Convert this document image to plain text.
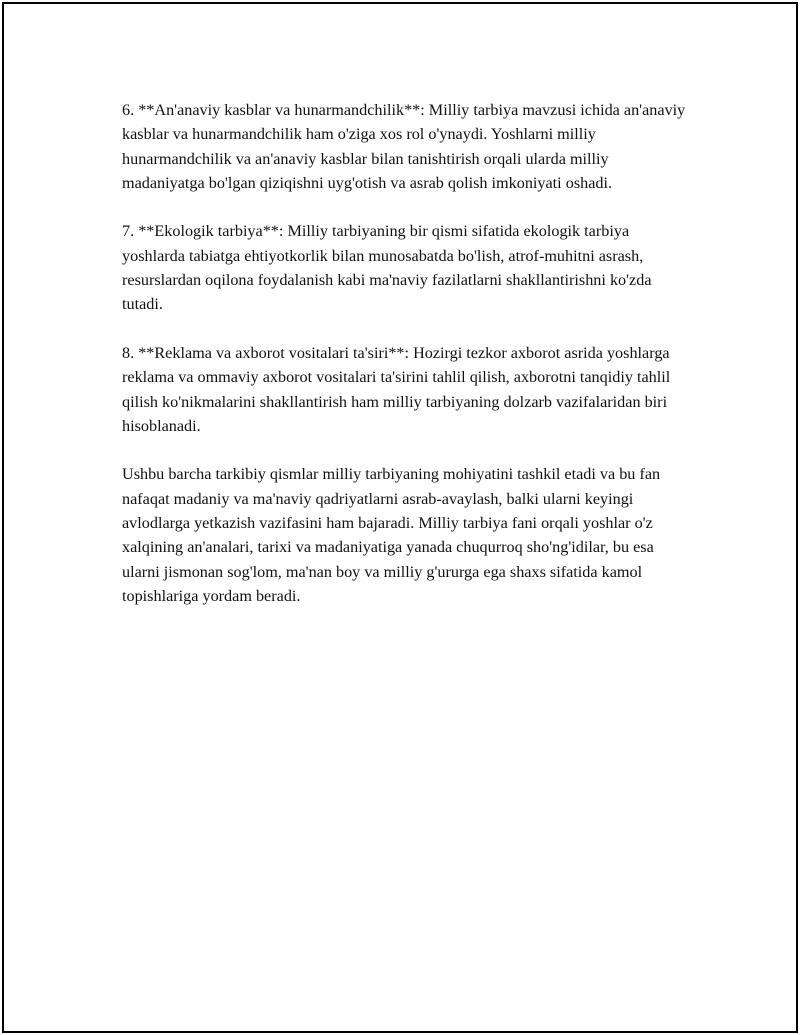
6. **An'anaviy kasblar va hunarmandchilik**: Milliy tarbiya mavzusi ichida an'anaviy kasblar va hunarmandchilik ham o'ziga xos rol o'ynaydi. Yoshlarni milliy hunarmandchilik va an'anaviy kasblar bilan tanishtirish orqali ularda milliy madaniyatga bo'lgan qiziqishni uyg'otish va asrab qolish imkoniyati oshadi.

7. **Ekologik tarbiya**: Milliy tarbiyaning bir qismi sifatida ekologik tarbiya yoshlarda tabiatga ehtiyotkorlik bilan munosabatda bo'lish, atrof-muhitni asrash, resurslardan oqilona foydalanish kabi ma'naviy fazilatlarni shakllantirishni ko'zda tutadi.

8. **Reklama va axborot vositalari ta'siri**: Hozirgi tezkor axborot asrida yoshlarga reklama va ommaviy axborot vositalari ta'sirini tahlil qilish, axborotni tanqidiy tahlil qilish ko'nikmalarini shakllantirish ham milliy tarbiyaning dolzarb vazifalaridan biri hisoblanadi.

Ushbu barcha tarkibiy qismlar milliy tarbiyaning mohiyatini tashkil etadi va bu fan nafaqat madaniy va ma'naviy qadriyatlarni asrab-avaylash, balki ularni keyingi avlodlarga yetkazish vazifasini ham bajaradi. Milliy tarbiya fani orqali yoshlar o'z xalqining an'analari, tarixi va madaniyatiga yanada chuqurroq sho'ng'idilar, bu esa ularni jismonan sog'lom, ma'nan boy va milliy g'ururga ega shaxs sifatida kamol topishlariga yordam beradi.
